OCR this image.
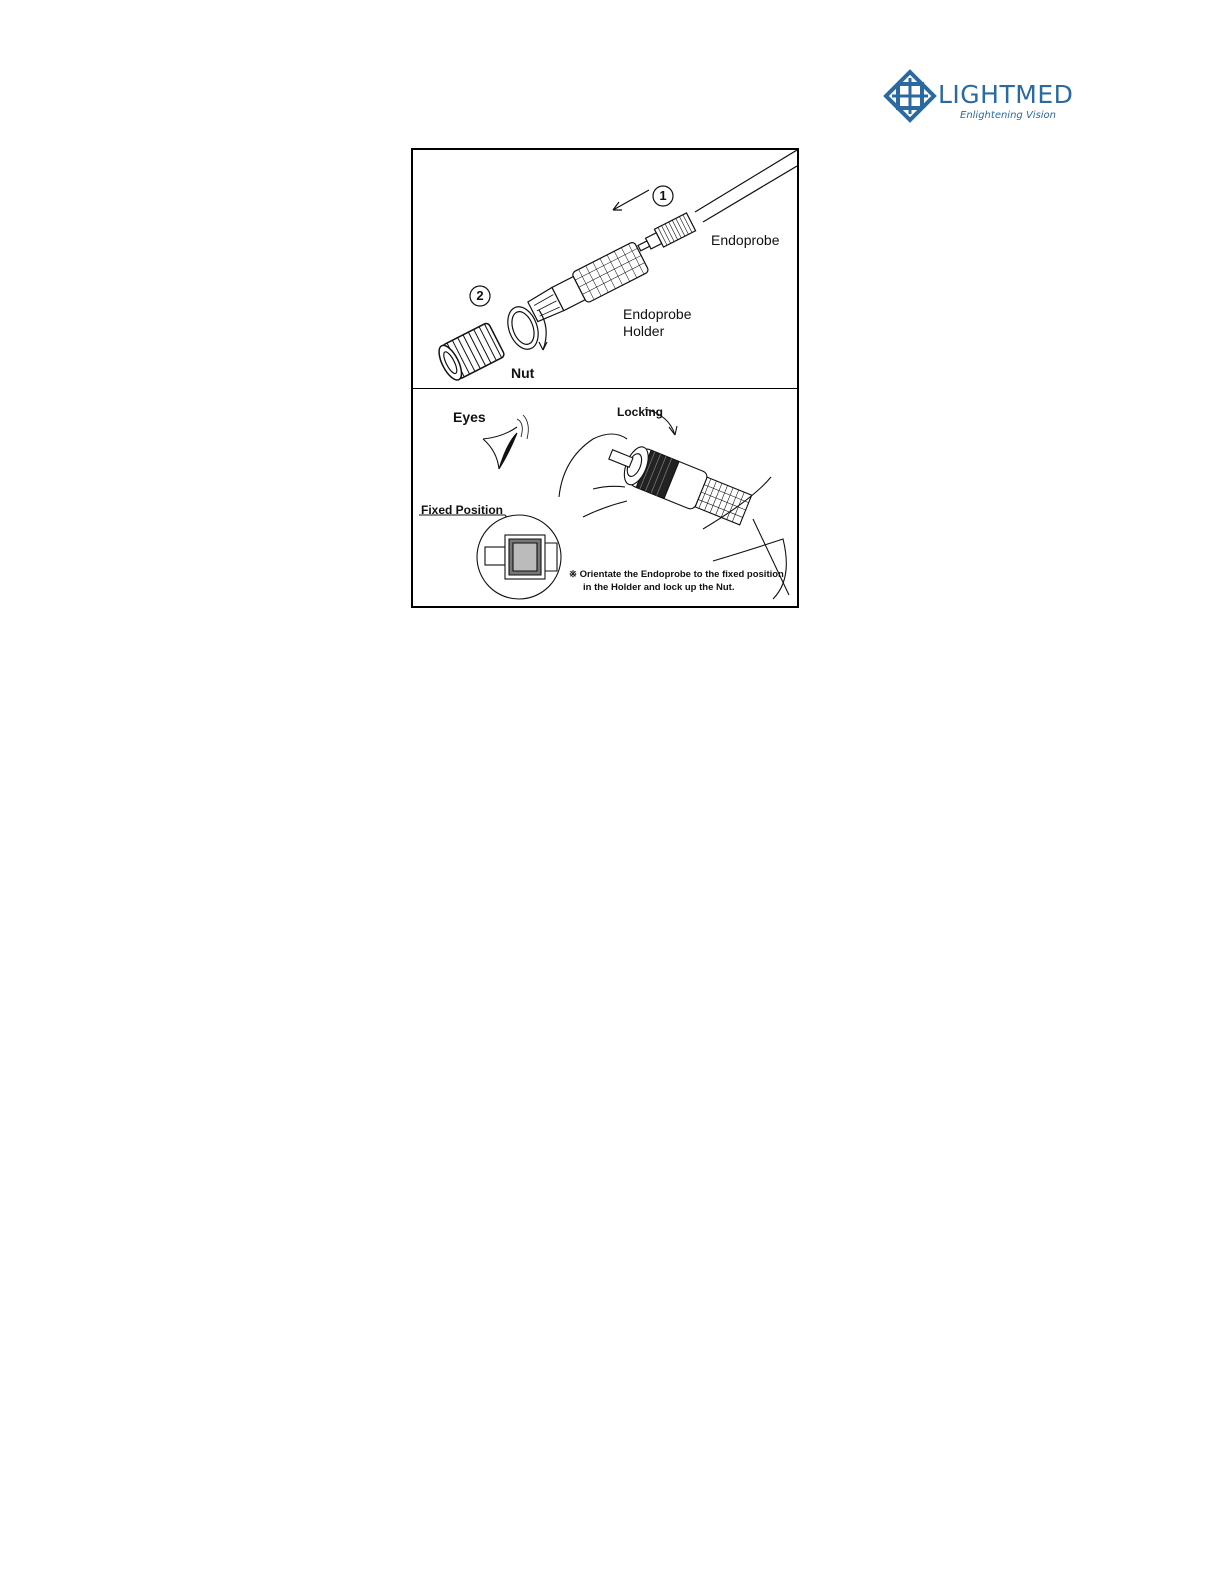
LIGHTMED
Enlightening Vision
1
2
Endoprobe
Endoprobe
Holder
Nut
Eyes	Locking
Fixed Position
※ Orientate the Endoprobe to the fixed position
in the Holder and lock up the Nut.
